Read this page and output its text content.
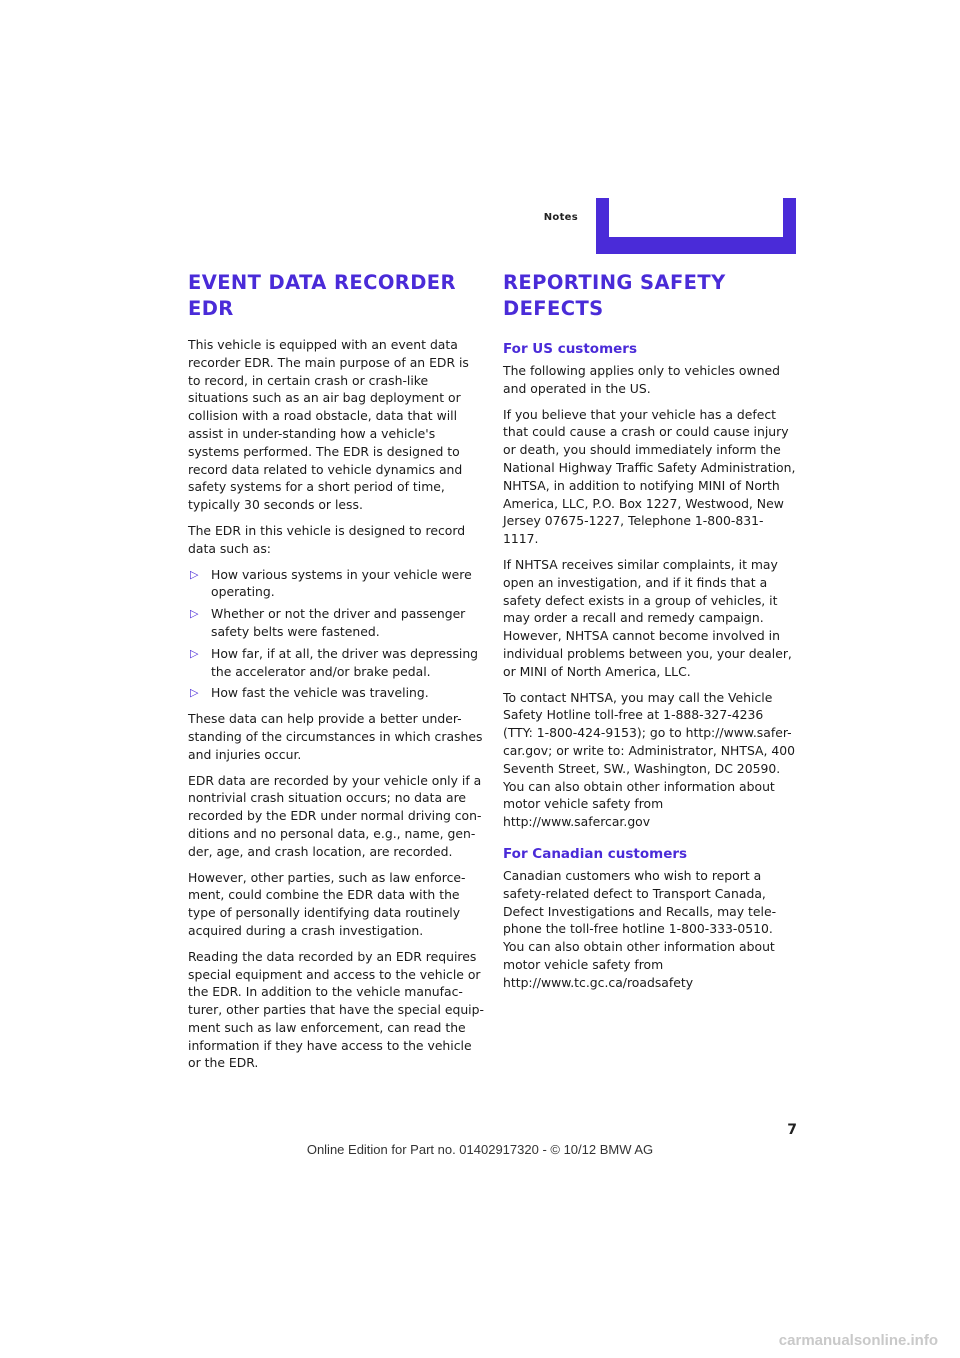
Notes
EVENT DATA RECORDER EDR

This vehicle is equipped with an event data recorder EDR. The main purpose of an EDR is to record, in certain crash or crash-like situations such as an air bag deployment or collision with a road obstacle, data that will assist in under-standing how a vehicle's systems performed. The EDR is designed to record data related to vehicle dynamics and safety systems for a short period of time, typically 30 seconds or less.

The EDR in this vehicle is designed to record data such as:

▷ How various systems in your vehicle were operating.
▷ Whether or not the driver and passenger safety belts were fastened.
▷ How far, if at all, the driver was depressing the accelerator and/or brake pedal.
▷ How fast the vehicle was traveling.

These data can help provide a better under-standing of the circumstances in which crashes and injuries occur.

EDR data are recorded by your vehicle only if a nontrivial crash situation occurs; no data are recorded by the EDR under normal driving con-ditions and no personal data, e.g., name, gen-der, age, and crash location, are recorded.

However, other parties, such as law enforce-ment, could combine the EDR data with the type of personally identifying data routinely acquired during a crash investigation.

Reading the data recorded by an EDR requires special equipment and access to the vehicle or the EDR. In addition to the vehicle manufac-turer, other parties that have the special equip-ment such as law enforcement, can read the information if they have access to the vehicle or the EDR.

REPORTING SAFETY DEFECTS
For US customers

The following applies only to vehicles owned and operated in the US.

If you believe that your vehicle has a defect that could cause a crash or could cause injury or death, you should immediately inform the National Highway Traffic Safety Administration, NHTSA, in addition to notifying MINI of North America, LLC, P.O. Box 1227, Westwood, New Jersey 07675-1227, Telephone 1-800-831-1117.

If NHTSA receives similar complaints, it may open an investigation, and if it finds that a safety defect exists in a group of vehicles, it may order a recall and remedy campaign. However, NHTSA cannot become involved in individual problems between you, your dealer, or MINI of North America, LLC.

To contact NHTSA, you may call the Vehicle Safety Hotline toll-free at 1-888-327-4236 (TTY: 1-800-424-9153); go to http://www.safer-car.gov; or write to: Administrator, NHTSA, 400 Seventh Street, SW., Washington, DC 20590. You can also obtain other information about motor vehicle safety from http://www.safercar.gov

For Canadian customers

Canadian customers who wish to report a safety-related defect to Transport Canada, Defect Investigations and Recalls, may tele-phone the toll-free hotline 1-800-333-0510. You can also obtain other information about motor vehicle safety from http://www.tc.gc.ca/roadsafety

7
Online Edition for Part no. 01402917320 - © 10/12 BMW AG
carmanualsonline.info
